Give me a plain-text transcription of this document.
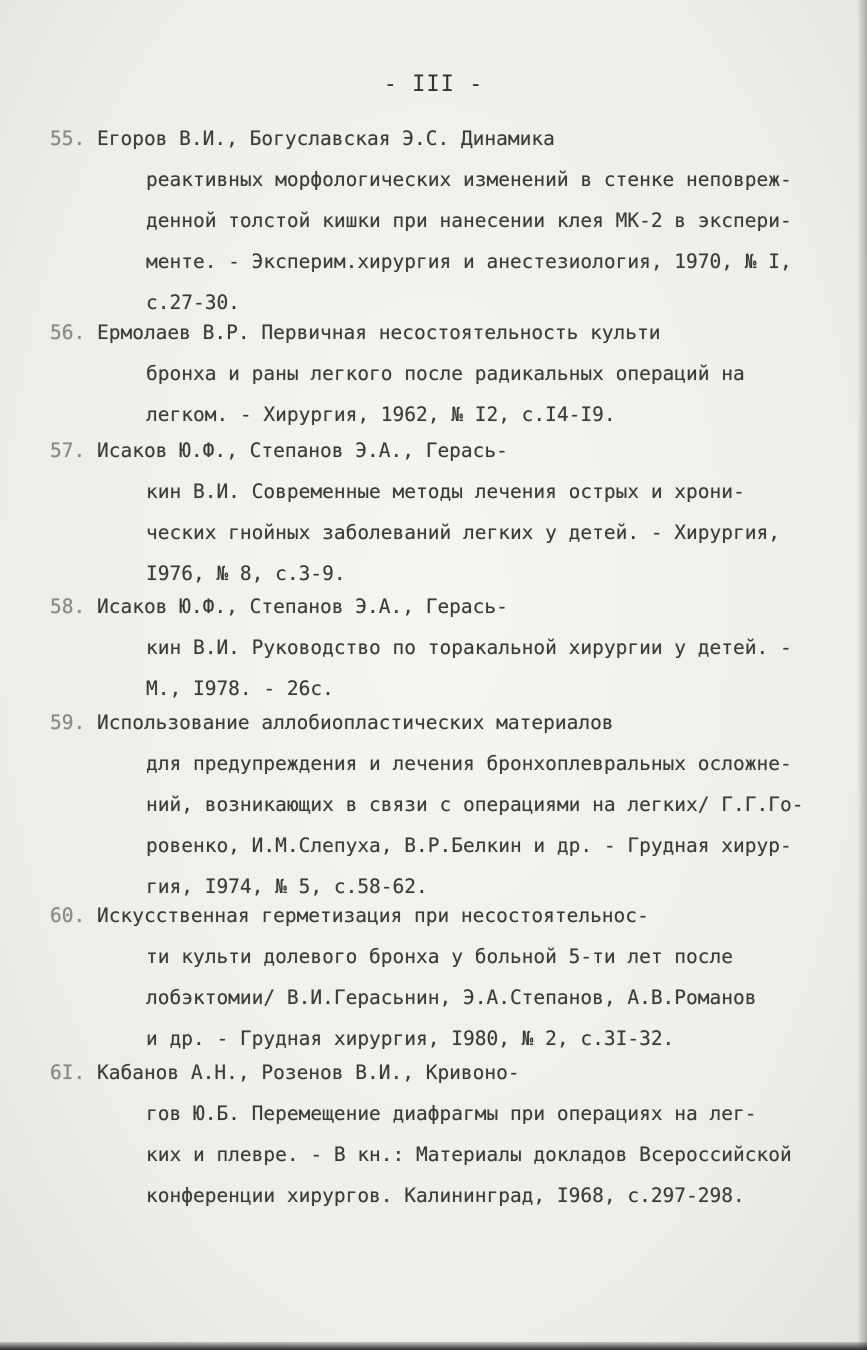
- III -
55. Егоров В.И., Богуславская Э.С. Динамика
реактивных морфологических изменений в стенке неповреж-
денной толстой кишки при нанесении клея МК-2 в экспери-
менте. - Эксперим.хирургия и анестезиология, 1970, № I,
с.27-30.
56. Ермолаев В.Р. Первичная несостоятельность культи
бронха и раны легкого после радикальных операций на
легком. - Хирургия, 1962, № I2, с.I4-I9.
57. Исаков Ю.Ф., Степанов Э.А., Герась-
кин В.И. Современные методы лечения острых и хрони-
ческих гнойных заболеваний легких у детей. - Хирургия,
I976, № 8, с.3-9.
58. Исаков Ю.Ф., Степанов Э.А., Герась-
кин В.И. Руководство по торакальной хирургии у детей. -
М., I978. - 26с.
59. Использование аллобиопластических материалов
для предупреждения и лечения бронхоплевральных осложне-
ний, возникающих в связи с операциями на легких/ Г.Г.Го-
ровенко, И.М.Слепуха, В.Р.Белкин и др. - Грудная хирур-
гия, I974, № 5, с.58-62.
60. Искусственная герметизация при несостоятельнос-
ти культи долевого бронха у больной 5-ти лет после
лобэктомии/ В.И.Герасьнин, Э.А.Степанов, А.В.Романов
и др. - Грудная хирургия, I980, № 2, с.3I-32.
6I. Кабанов А.Н., Розенов В.И., Кривоно-
гов Ю.Б. Перемещение диафрагмы при операциях на лег-
ких и плевре. - В кн.: Материалы докладов Всероссийской
конференции хирургов. Калининград, I968, с.297-298.
